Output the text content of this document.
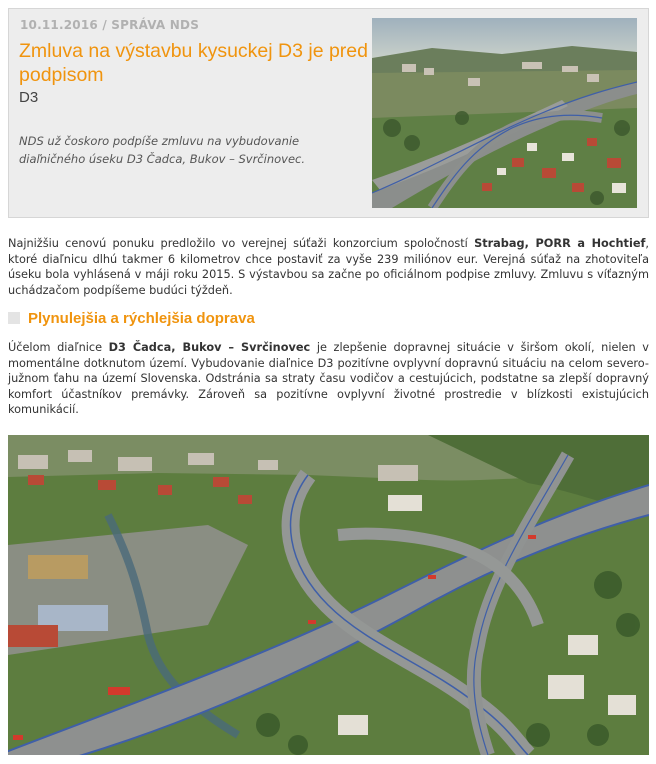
10.11.2016 / SPRÁVA NDS
Zmluva na výstavbu kysuckej D3 je pred podpisom
D3
NDS už čoskoro podpíše zmluvu na vybudovanie diaľničného úseku D3 Čadca, Bukov – Svrčinovec.

Najnižšiu cenovú ponuku predložilo vo verejnej súťaži konzorcium spoločností Strabag, PORR a Hochtief, ktoré diaľnicu dlhú takmer 6 kilometrov chce postaviť za vyše 239 miliónov eur. Verejná súťaž na zhotoviteľa úseku bola vyhlásená v máji roku 2015. S výstavbou sa začne po oficiálnom podpise zmluvy. Zmluvu s víťazným uchádzačom podpíšeme budúci týždeň.

Plynulejšia a rýchlejšia doprava

Účelom diaľnice D3 Čadca, Bukov – Svrčinovec je zlepšenie dopravnej situácie v širšom okolí, nielen v momentálne dotknutom území. Vybudovanie diaľnice D3 pozitívne ovplyvní dopravnú situáciu na celom severo-južnom ťahu na území Slovenska. Odstránia sa straty času vodičov a cestujúcich, podstatne sa zlepší dopravný komfort účastníkov premávky. Zároveň sa pozitívne ovplyvní životné prostredie v blízkosti existujúcich komunikácií.
